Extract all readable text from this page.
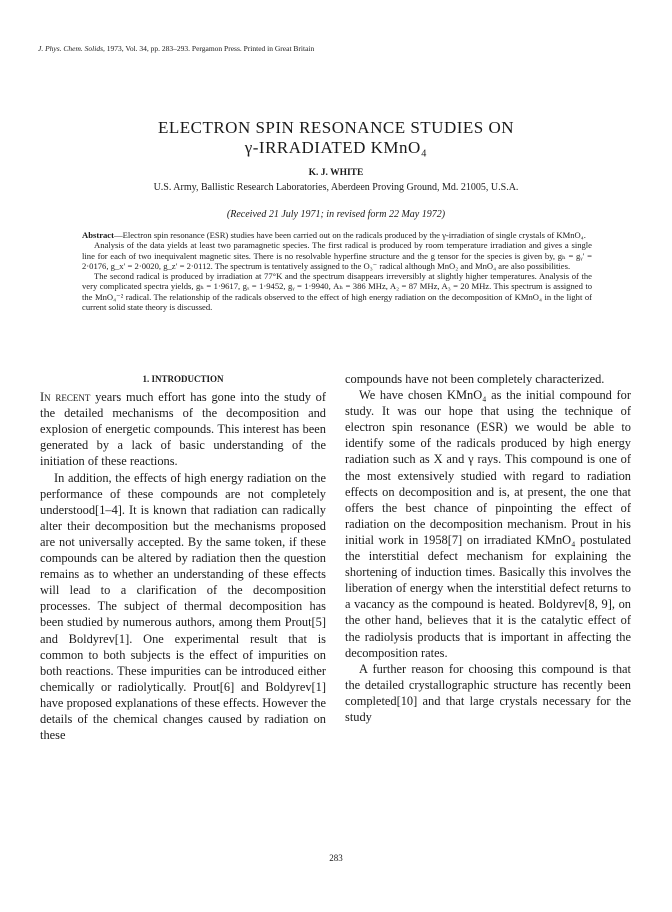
J. Phys. Chem. Solids, 1973, Vol. 34, pp. 283–293. Pergamon Press. Printed in Great Britain
ELECTRON SPIN RESONANCE STUDIES ON
γ-IRRADIATED KMnO₄
K. J. WHITE
U.S. Army, Ballistic Research Laboratories, Aberdeen Proving Ground, Md. 21005, U.S.A.
(Received 21 July 1971; in revised form 22 May 1972)

Abstract—Electron spin resonance (ESR) studies have been carried out on the radicals produced by the γ-irradiation of single crystals of KMnO₄.

Analysis of the data yields at least two paramagnetic species. The first radical is produced by room temperature irradiation and gives a single line for each of two inequivalent magnetic sites. There is no resolvable hyperfine structure and the g tensor for the species is given by, gₕ = gᵧ′ = 2·0176, g_x′ = 2·0020, g_z′ = 2·0112. The spectrum is tentatively assigned to the O₃⁻ radical although MnO₂ and MnO₄ are also possibilities.

The second radical is produced by irradiation at 77°K and the spectrum disappears irreversibly at slightly higher temperatures. Analysis of the very complicated spectra yields, gₕ = 1·9617, gₓ = 1·9452, gᵧ = 1·9940, Aₕ = 386 MHz, A₂ = 87 MHz, A₃ = 20 MHz. This spectrum is assigned to the MnO₄⁻² radical. The relationship of the radicals observed to the effect of high energy radiation on the decomposition of KMnO₄ in the light of current solid state theory is discussed.

1. INTRODUCTION

In recent years much effort has gone into the study of the detailed mechanisms of the decomposition and explosion of energetic compounds. This interest has been generated by a lack of basic understanding of the initiation of these reactions.

In addition, the effects of high energy radiation on the performance of these compounds are not completely understood[1–4]. It is known that radiation can radically alter their decomposition but the mechanisms proposed are not universally accepted. By the same token, if these compounds can be altered by radiation then the question remains as to whether an understanding of these effects will lead to a clarification of the decomposition processes. The subject of thermal decomposition has been studied by numerous authors, among them Prout[5] and Boldyrev[1]. One experimental result that is common to both subjects is the effect of impurities on both reactions. These impurities can be introduced either chemically or radiolytically. Prout[6] and Boldyrev[1] have proposed explanations of these effects. However the details of the chemical changes caused by radiation on these

compounds have not been completely characterized.

We have chosen KMnO₄ as the initial compound for study. It was our hope that using the technique of electron spin resonance (ESR) we would be able to identify some of the radicals produced by high energy radiation such as X and γ rays. This compound is one of the most extensively studied with regard to radiation effects on decomposition and is, at present, the one that offers the best chance of pinpointing the effect of radiation on the decomposition mechanism. Prout in his initial work in 1958[7] on irradiated KMnO₄ postulated the interstitial defect mechanism for explaining the shortening of induction times. Basically this involves the liberation of energy when the interstitial defect returns to a vacancy as the compound is heated. Boldyrev[8, 9], on the other hand, believes that it is the catalytic effect of the radiolysis products that is important in affecting the decomposition rates.

A further reason for choosing this compound is that the detailed crystallographic structure has recently been completed[10] and that large crystals necessary for the study

283
